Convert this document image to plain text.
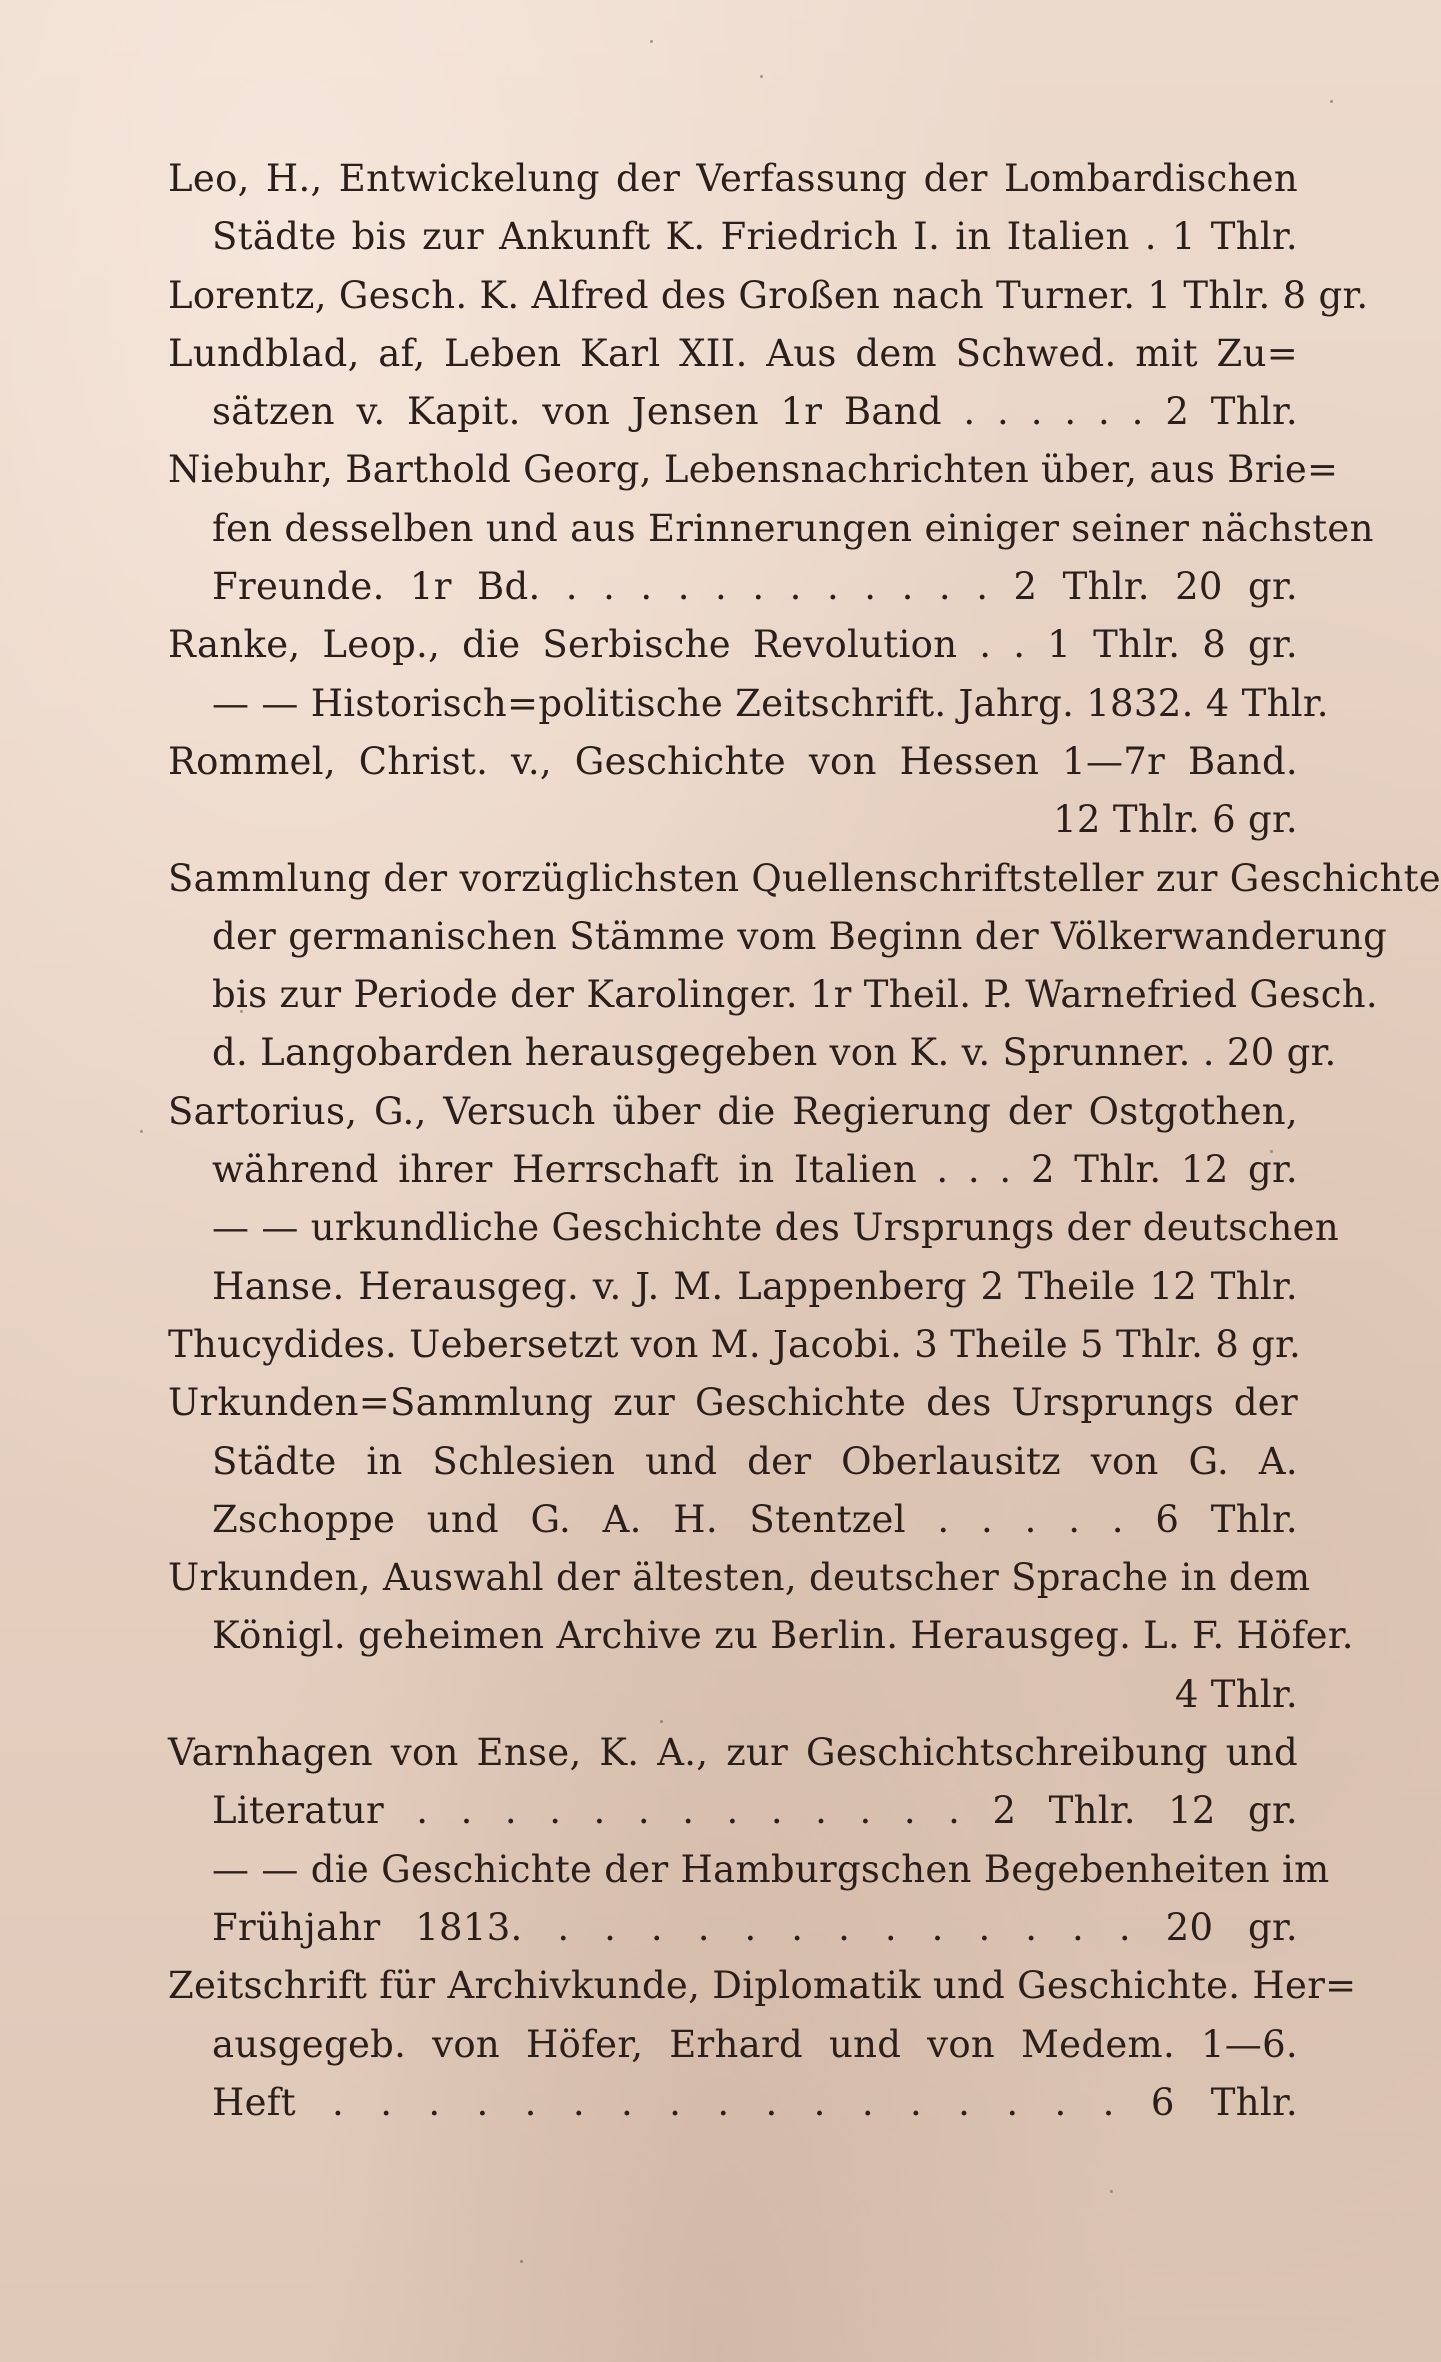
Leo, H., Entwickelung der Verfassung der Lombardischen
Städte bis zur Ankunft K. Friedrich I. in Italien . 1 Thlr.
Lorentz, Gesch. K. Alfred des Großen nach Turner. 1 Thlr. 8 gr.
Lundblad, af, Leben Karl XII. Aus dem Schwed. mit Zu=
sätzen v. Kapit. von Jensen 1r Band . . . . . . 2 Thlr.
Niebuhr, Barthold Georg, Lebensnachrichten über, aus Brie=
fen desselben und aus Erinnerungen einiger seiner nächsten
Freunde. 1r Bd. . . . . . . . . . . . . 2 Thlr. 20 gr.
Ranke, Leop., die Serbische Revolution . . 1 Thlr. 8 gr.
— — Historisch=politische Zeitschrift. Jahrg. 1832. 4 Thlr.
Rommel, Christ. v., Geschichte von Hessen 1—7r Band.
12 Thlr. 6 gr.
Sammlung der vorzüglichsten Quellenschriftsteller zur Geschichte
der germanischen Stämme vom Beginn der Völkerwanderung
bis zur Periode der Karolinger. 1r Theil. P. Warnefried Gesch.
d. Langobarden herausgegeben von K. v. Sprunner. . 20 gr.
Sartorius, G., Versuch über die Regierung der Ostgothen,
während ihrer Herrschaft in Italien . . . 2 Thlr. 12 gr.
— — urkundliche Geschichte des Ursprungs der deutschen
Hanse. Herausgeg. v. J. M. Lappenberg 2 Theile 12 Thlr.
Thucydides. Uebersetzt von M. Jacobi. 3 Theile 5 Thlr. 8 gr.
Urkunden=Sammlung zur Geschichte des Ursprungs der
Städte in Schlesien und der Oberlausitz von G. A.
Zschoppe und G. A. H. Stentzel . . . . . 6 Thlr.
Urkunden, Auswahl der ältesten, deutscher Sprache in dem
Königl. geheimen Archive zu Berlin. Herausgeg. L. F. Höfer.
4 Thlr.
Varnhagen von Ense, K. A., zur Geschichtschreibung und
Literatur . . . . . . . . . . . . . 2 Thlr. 12 gr.
— — die Geschichte der Hamburgschen Begebenheiten im
Frühjahr 1813. . . . . . . . . . . . . . 20 gr.
Zeitschrift für Archivkunde, Diplomatik und Geschichte. Her=
ausgegeb. von Höfer, Erhard und von Medem. 1—6.
Heft . . . . . . . . . . . . . . . . . 6 Thlr.
